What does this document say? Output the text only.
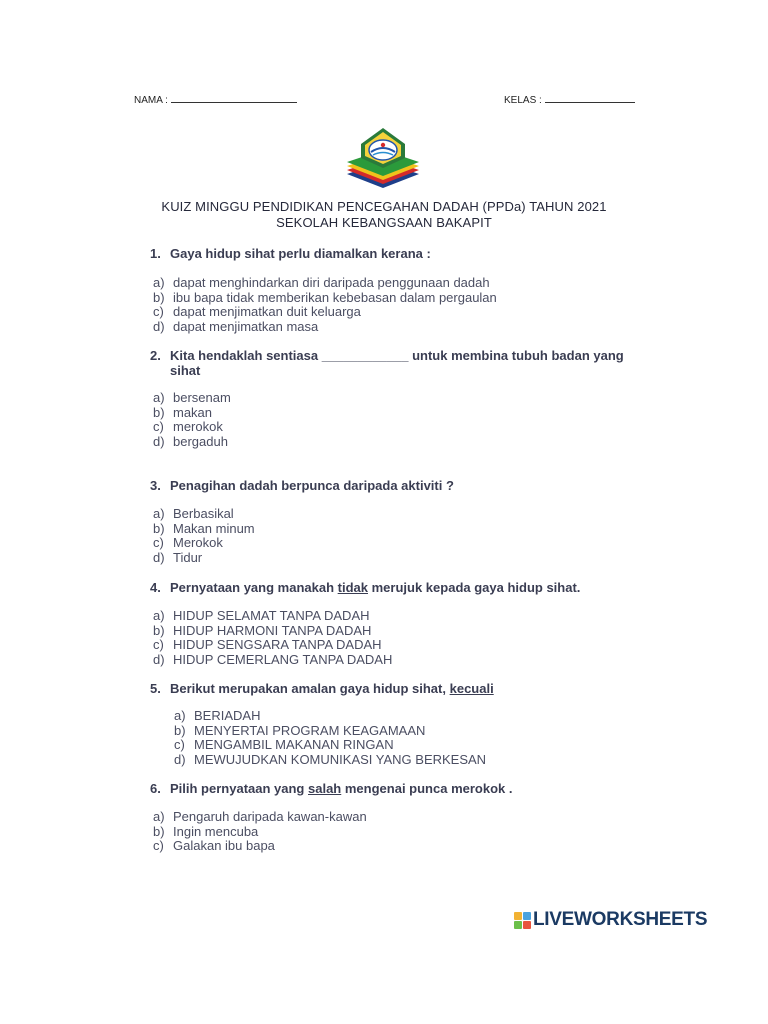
NAMA :	KELAS :
KUIZ MINGGU PENDIDIKAN PENCEGAHAN DADAH (PPDa) TAHUN 2021
SEKOLAH KEBANGSAAN BAKAPIT
1. Gaya hidup sihat perlu diamalkan kerana :
a) dapat menghindarkan diri daripada penggunaan dadah
b) ibu bapa tidak memberikan kebebasan dalam pergaulan
c) dapat menjimatkan duit keluarga
d) dapat menjimatkan masa
2. Kita hendaklah sentiasa ____________ untuk membina tubuh badan yang
sihat
a) bersenam
b) makan
c) merokok
d) bergaduh
3. Penagihan dadah berpunca daripada aktiviti ?
a) Berbasikal
b) Makan minum
c) Merokok
d) Tidur
4. Pernyataan yang manakah tidak merujuk kepada gaya hidup sihat.
a) HIDUP SELAMAT TANPA DADAH
b) HIDUP HARMONI TANPA DADAH
c) HIDUP SENGSARA TANPA DADAH
d) HIDUP CEMERLANG TANPA DADAH
5. Berikut merupakan amalan gaya hidup sihat, kecuali
a) BERIADAH
b) MENYERTAI PROGRAM KEAGAMAAN
c) MENGAMBIL MAKANAN RINGAN
d) MEWUJUDKAN KOMUNIKASI YANG BERKESAN
6. Pilih pernyataan yang salah mengenai punca merokok .
a) Pengaruh daripada kawan-kawan
b) Ingin mencuba
c) Galakan ibu bapa
LIVEWORKSHEETS
